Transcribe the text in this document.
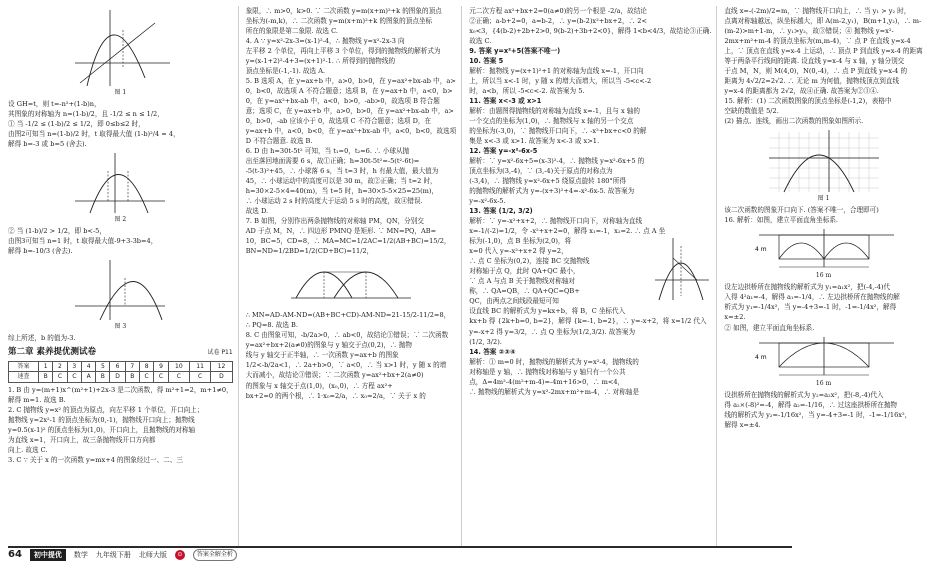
图 1
设 GH=t，则 t=-n²+(1-b)n，
其图象的对称轴为 n=(1-b)/2，且 -1/2 ≤ n ≤ 1/2，
① 当 -1/2 ≤ (1-b)/2 ≤ 1/2，即 0≤b≤2 时，
由图2可知当 n=(1-b)/2 时，t 取得最大值 (1-b)²/4 = 4，
解得 b=-3 或 b=5 (舍去).
图 2
② 当 (1-b)/2 > 1/2，即 b<-5，
由图3可知当 n=1 时，t 取得最大值-9+3-3b=4，
解得 b=-10/3 (舍去).
图 3
综上所述，b 的值为-3.
第二章 素养提优测试卷	试卷 P11
答案	1	2	3	4	5	6	7	8	9	10	11	12
速查	B	C	C	A	B	D	B	C	C	C	C	D
1. B 由 y=(m+1)x^(m²+1)+2x-3 是二次函数，得 m²+1=2，m+1≠0，
解得 m=1. 故选 B.
2. C 抛物线 y=x² 的顶点为原点，向左平移 1 个单位，开口向上；
抛物线 y=2x²-1 的顶点坐标为(0,-1)，抛物线开口向上；抛物线
y=0.5(x-1)² 的顶点坐标为(1,0)，开口向上，且抛物线的对称轴
为直线 x=1，开口向上，故三条抛物线开口方向都
向上. 故选 C.
3. C ∵ 关于 x 的一次函数 y=mx+4 的图象经过一、二、三
象限，∴ m>0，k>0. ∵ 二次函数 y=m(x+m)²+k 的图象的顶点
坐标为(-m,k)，∴ 二次函数 y=m(x+m)²+k 的图象的顶点坐标
所在的象限是第二象限. 故选 C.
4. A ∵ y=x²-2x-3=(x-1)²-4，∴ 抛物线 y=x²-2x-3 向
左平移 2 个单位，再向上平移 3 个单位，得到的抛物线的解析式为
y=(x-1+2)²-4+3=(x+1)²-1. ∴ 所得到的抛物线的
顶点坐标是(-1,-1). 故选 A.
5. B 选项 A，在 y=ax+b 中，a>0，b>0，在 y=ax²+bx-ab 中，a>
0，b<0，故选项 A 不符合题意；选项 B，在 y=ax+b 中，a<0，b>
0，在 y=ax²+bx-ab 中，a<0，b>0，-ab>0，故选项 B 符合题
意；选项 C，在 y=ax+b 中，a>0，b>0，在 y=ax²+bx-ab 中，a>
0，b>0，-ab 应该小于 0，故选项 C 不符合题意；选项 D，在
y=ax+b 中，a<0，b<0，在 y=ax²+bx-ab 中，a<0，b<0，故选项
D 不符合题意. 故选 B.
6. D 由 h=30t-5t² 可知，当 t₁=0，t₂=6. ∴ 小球从抛
出至落回地面需要 6 s，故①正确；h=30t-5t²=-5(t²-6t)=
-5(t-3)²+45，∴ 小球落 6 s，当 t=3 时，h 有最大值，最大值为
45，∴ 小球运动中的高度可以是 30 m，故②正确；当 t=2 时，
h=30×2-5×4=40(m)，当 t=5 时，h=30×5-5×25=25(m)，
∴ 小球运动 2 s 时的高度大于运动 5 s 时的高度，故④错误.
故选 D.
7. B 如图，分别作出两条抛物线的对称轴 PM，QN，分别交
AD 于点 M，N，∴ 四边形 PMNQ 是矩形. ∵ MN=PQ，AB=
10，BC=5，CD=8，∴ MA=MC=1/2AC=1/2(AB+BC)=15/2，
BN=ND=1/2BD=1/2(CD+BC)=11/2，
∴ MN=AD-AM-ND=(AB+BC+CD)-AM-ND=21-15/2-11/2=8，
∴ PQ=8. 故选 B.
8. C 由图象可知，-b/2a>0，∴ ab<0，故结论①错误；∵ 二次函数
y=ax²+bx+2(a≠0)的图象与 y 轴交于点(0,2)，∴ 抛物
线与 y 轴交于正半轴，∴ 一次函数 y=ax+b 的图象
1/2<-b/2a<1，∴ 2a+b>0，∵ a<0，∴ 当 x>1 时，y 随 x 的增
大而减小，故结论③错误；∵ 二次函数 y=ax²+bx+2(a≠0)
的图象与 x 轴交于点(1,0)，(x₀,0)，∴ 方程 ax²+
bx+2=0 的两个根，∴ 1·x₀=2/a，∴ x₀=2/a，∵ 关于 x 的
元二次方程 ax²+bx+2=0(a≠0)的另一个根是 -2/a，故结论
②正确；a-b+2=0，a=b-2，∴ y=(b-2)x²+bx+2，∴ 2<
x₀<3，{4(b-2)+2b+2>0, 9(b-2)+3b+2<0}，解得 1<b<4/3，故结论③正确.
故选 C.
9. 答案 y=x²+5(答案不唯一)
10. 答案 5
解析：抛物线 y=(x+1)²+1 的对称轴为直线 x=-1，开口向
上，所以当 x<-1 时，y 随 x 的增大而增大，所以当 -5<c<-2
时，a<b，所以 -5<c<-2. 故答案为 5.
11. 答案 x<-3 或 x>1
解析：由题图得抛物线的对称轴为直线 x=-1，且与 x 轴的
一个交点的坐标为(1,0)，∴ 抛物线与 x 轴的另一个交点
的坐标为(-3,0)，∵ 抛物线开口向下，∴ -x²+bx+c<0 的解
集是 x<-3 或 x>1. 故答案为 x<-3 或 x>1.
12. 答案 y=-x²-6x-5
解析：∵ y=x²-6x+5=(x-3)²-4，∴ 抛物线 y=x²-6x+5 的
顶点坐标为(3,-4)，∵ (3,-4)关于原点的对称点为
(-3,4)，∴ 抛物线 y=x²-6x+5 绕原点旋转 180°所得
的抛物线的解析式为 y=-(x+3)²+4=-x²-6x-5. 故答案为
y=-x²-6x-5.
13. 答案 (1/2, 3/2)
解析：∵ y=-x²+x+2，∴ 抛物线开口向下，对称轴为直线
x=-1/(-2)=1/2，令 -x²+x+2=0，解得 x₁=-1，x₂=2. ∴ 点 A 坐
标为(-1,0)，点 B 坐标为(2,0)，将
x=0 代入 y=-x²+x+2 得 y=2，
∴ 点 C 坐标为(0,2)，连接 BC 交抛物线
对称轴于点 Q，此时 QA+QC 最小，
∵ 点 A 与点 B 关于抛物线对称轴对
称，∴ QA=QB，∴ QA+QC=QB+
QC，由两点之间线段最短可知
设直线 BC 的解析式为 y=kx+b，将 B，C 坐标代入
kx+b 得 {2k+b=0, b=2}，解得 {k=-1, b=2}，∴ y=-x+2，将 x=1/2 代入
y=-x+2 得 y=3/2，∴ 点 Q 坐标为(1/2,3/2). 故答案为
(1/2, 3/2).
14. 答案 ②③④
解析：① m=0 时，抛物线的解析式为 y=x²-4，抛物线的
对称轴是 y 轴，∴ 抛物线对称轴与 y 轴只有一个公共
点，Δ=4m²-4(m²+m-4)=-4m+16>0，∴ m<4，
∴ 抛物线的解析式为 y=x²-2mx+m²+m-4，∴ 对称轴是
直线 x=-(-2m)/2=m，∵ 抛物线开口向上，∴ 当 y₁ > y₂ 时，
点离对称轴越远，纵坐标越大，即 A(m-2,y₁)，B(m+1,y₂)，∴ m-
(m-2)>m+1-m，∴ y₁>y₂，故③错误；④ 抛物线 y=x²-
2mx+m²+m-4 的顶点坐标为(m,m-4)，∵ 点 P 在直线 y=x-4
上，∵ 顶点在直线 y=x-4 上运动，∴ 顶点 P 到直线 y=x-4 的距离
等于两条平行线间的距离. 设直线 y=x-4 与 x 轴，y 轴分别交
于点 M，N，则 M(4,0)，N(0,-4)，∴ 点 P 到直线 y=x-4 的
距离为 4√2/2=2√2. ∴ 无论 m 为何值，抛物线顶点到直线
y=x-4 的距离都为 2√2，故④正确. 故答案为②③④.
15. 解析：(1) 二次函数图象的顶点坐标是(-1,2)，表格中
空缺的数值是 5/2.
(2) 描点、连线，画出二次函数的图象如图所示.
图 1
该二次函数的图象开口向下. (答案不唯一，合理即可)
16. 解析：如图，建立平面直角坐标系.
4 m
16 m
设左边拱桥所在抛物线的解析式为 y₁=a₁x²，把(-4,-4)代
入得 4²a₁=-4，解得 a₁=-1/4，∴ 左边拱桥所在抛物线的解
析式为 y₁=-1/4x²，当 y=-4+3=-1 时，-1=-1/4x²，解得
x=±2.
② 如图，建立平面直角坐标系.
4 m
16 m
设拱桥所在抛物线的解析式为 y₂=a₂x²，把(-8,-4)代入
得 a₂×(-8)²=-4，解得 a₂=-1/16，∴ 过这座拱桥所在抛物
线的解析式为 y₂=-1/16x²，当 y=-4+3=-1 时，-1=-1/16x²，
解得 x=±4.
64	初中提优	数学 九年级下册 北师大版	⊙	答案全解全析
